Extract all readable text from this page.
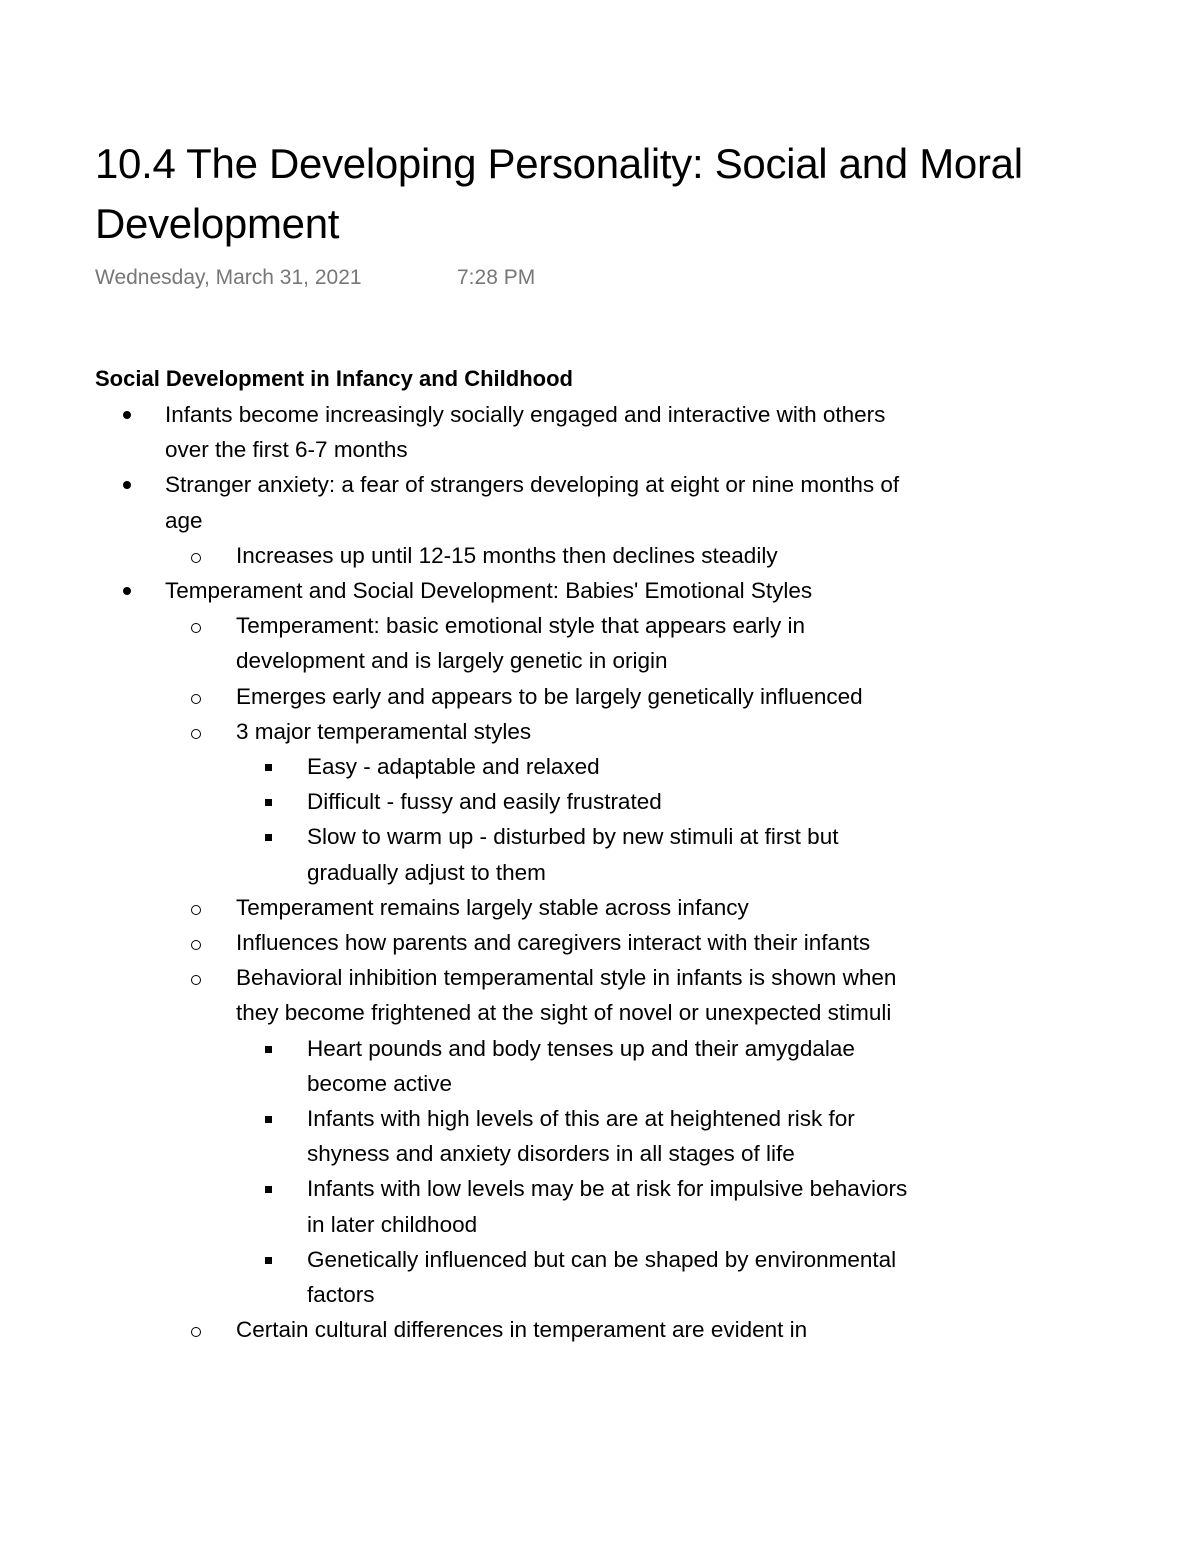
10.4 The Developing Personality: Social and Moral Development
Wednesday, March 31, 2021	7:28 PM

Social Development in Infancy and Childhood

Infants become increasingly socially engaged and interactive with others over the first 6-7 months
Stranger anxiety: a fear of strangers developing at eight or nine months of age
Increases up until 12-15 months then declines steadily
Temperament and Social Development: Babies' Emotional Styles
Temperament: basic emotional style that appears early in development and is largely genetic in origin
Emerges early and appears to be largely genetically influenced
3 major temperamental styles
Easy - adaptable and relaxed
Difficult - fussy and easily frustrated
Slow to warm up - disturbed by new stimuli at first but gradually adjust to them
Temperament remains largely stable across infancy
Influences how parents and caregivers interact with their infants
Behavioral inhibition temperamental style in infants is shown when they become frightened at the sight of novel or unexpected stimuli
Heart pounds and body tenses up and their amygdalae become active
Infants with high levels of this are at heightened risk for shyness and anxiety disorders in all stages of life
Infants with low levels may be at risk for impulsive behaviors in later childhood
Genetically influenced but can be shaped by environmental factors
Certain cultural differences in temperament are evident in
